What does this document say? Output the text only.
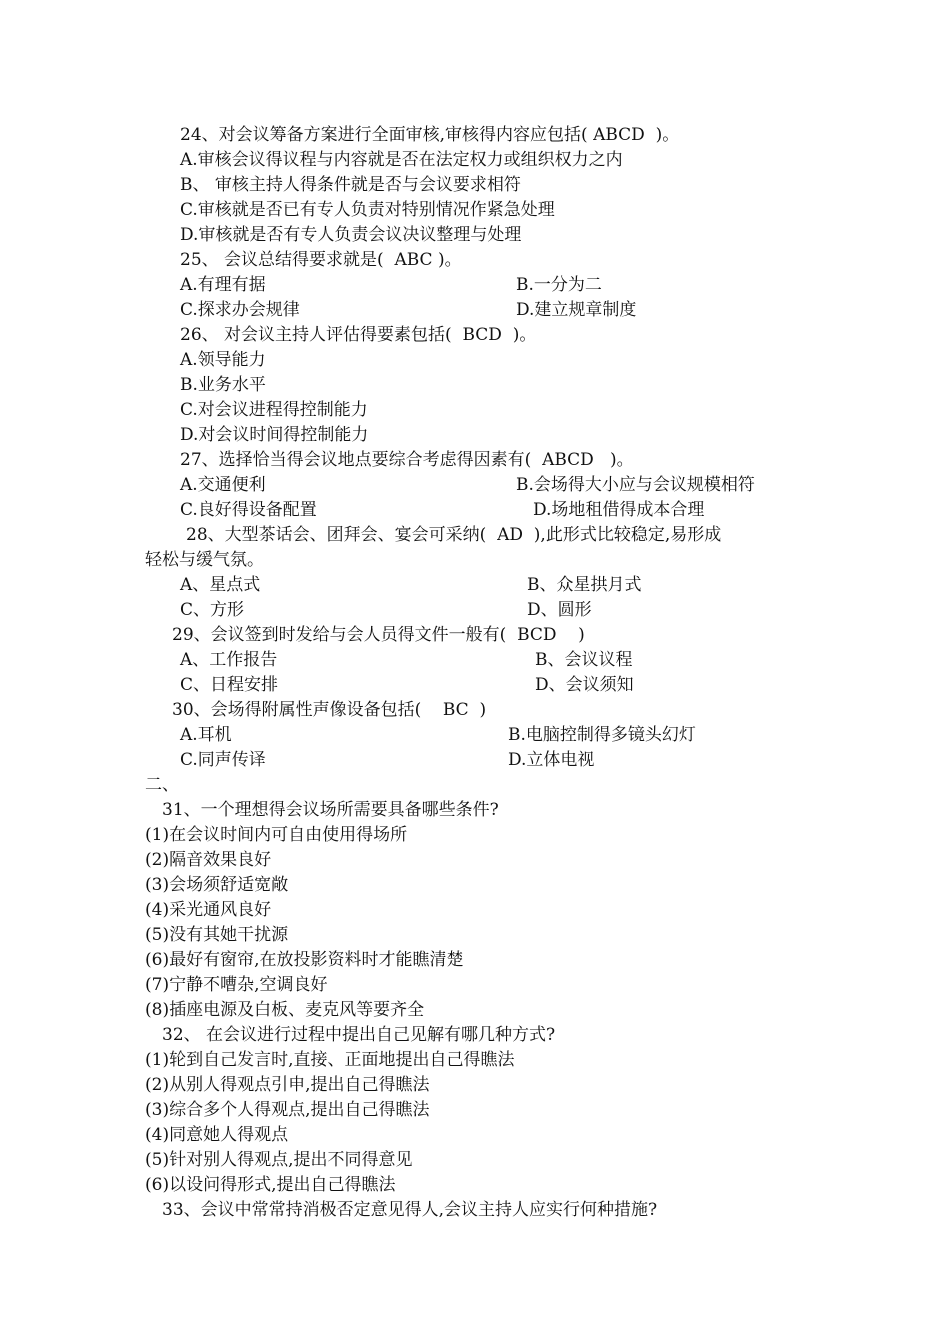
24、对会议筹备方案进行全面审核,审核得内容应包括( ABCD  )。
A.审核会议得议程与内容就是否在法定权力或组织权力之内
B、 审核主持人得条件就是否与会议要求相符
C.审核就是否已有专人负责对特别情况作紧急处理
D.审核就是否有专人负责会议决议整理与处理
25、 会议总结得要求就是(  ABC )。
A.有理有据	B.一分为二
C.探求办会规律	D.建立规章制度
26、 对会议主持人评估得要素包括(  BCD  )。
A.领导能力
B.业务水平
C.对会议进程得控制能力
D.对会议时间得控制能力
27、选择恰当得会议地点要综合考虑得因素有(  ABCD   )。
A.交通便利	B.会场得大小应与会议规模相符
C.良好得设备配置	D.场地租借得成本合理
28、大型茶话会、团拜会、宴会可采纳(  AD  ),此形式比较稳定,易形成
轻松与缓气氛。
A、星点式	B、众星拱月式
C、方形	D、圆形
29、会议签到时发给与会人员得文件一般有(  BCD    )
A、工作报告	B、会议议程
C、日程安排	D、会议须知
30、会场得附属性声像设备包括(    BC  )
A.耳机	B.电脑控制得多镜头幻灯
C.同声传译	D.立体电视
二、
31、一个理想得会议场所需要具备哪些条件?
(1)在会议时间内可自由使用得场所
(2)隔音效果良好
(3)会场须舒适宽敞
(4)采光通风良好
(5)没有其她干扰源
(6)最好有窗帘,在放投影资料时才能瞧清楚
(7)宁静不嘈杂,空调良好
(8)插座电源及白板、麦克风等要齐全
32、 在会议进行过程中提出自己见解有哪几种方式?
(1)轮到自己发言时,直接、正面地提出自己得瞧法
(2)从别人得观点引申,提出自己得瞧法
(3)综合多个人得观点,提出自己得瞧法
(4)同意她人得观点
(5)针对别人得观点,提出不同得意见
(6)以设问得形式,提出自己得瞧法
33、会议中常常持消极否定意见得人,会议主持人应实行何种措施?
